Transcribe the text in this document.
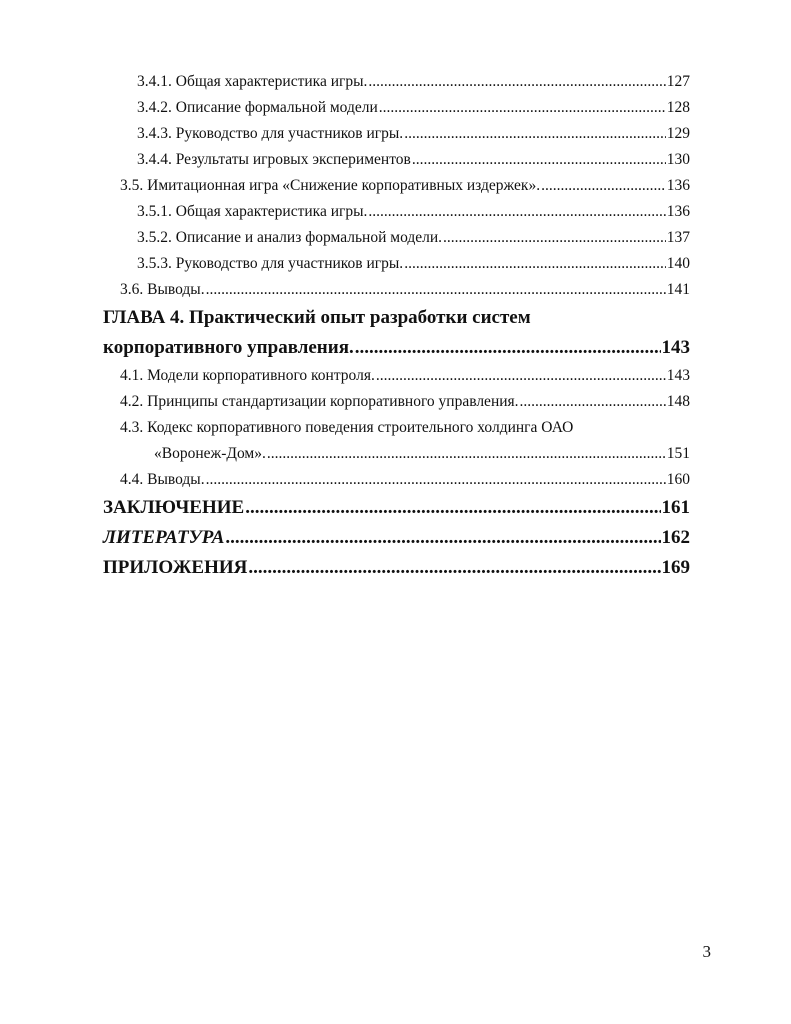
3.4.1. Общая характеристика игры. .....	127
3.4.2. Описание формальной модели .....	128
3.4.3. Руководство для участников игры. .....	129
3.4.4. Результаты игровых экспериментов .....	130
3.5. Имитационная игра «Снижение корпоративных издержек». .....	136
3.5.1. Общая характеристика игры. .....	136
3.5.2. Описание и анализ формальной модели. .....	137
3.5.3. Руководство для участников игры. .....	140
3.6. Выводы. .....	141
ГЛАВА 4. Практический опыт разработки систем
корпоративного управления. .....	143
4.1. Модели корпоративного контроля. .....	143
4.2. Принципы стандартизации корпоративного управления. .....	148
4.3. Кодекс корпоративного поведения строительного холдинга ОАО
«Воронеж-Дом». .....	151
4.4. Выводы. .....	160
ЗАКЛЮЧЕНИЕ .....	161
ЛИТЕРАТУРА .....	162
ПРИЛОЖЕНИЯ .....	169
3
